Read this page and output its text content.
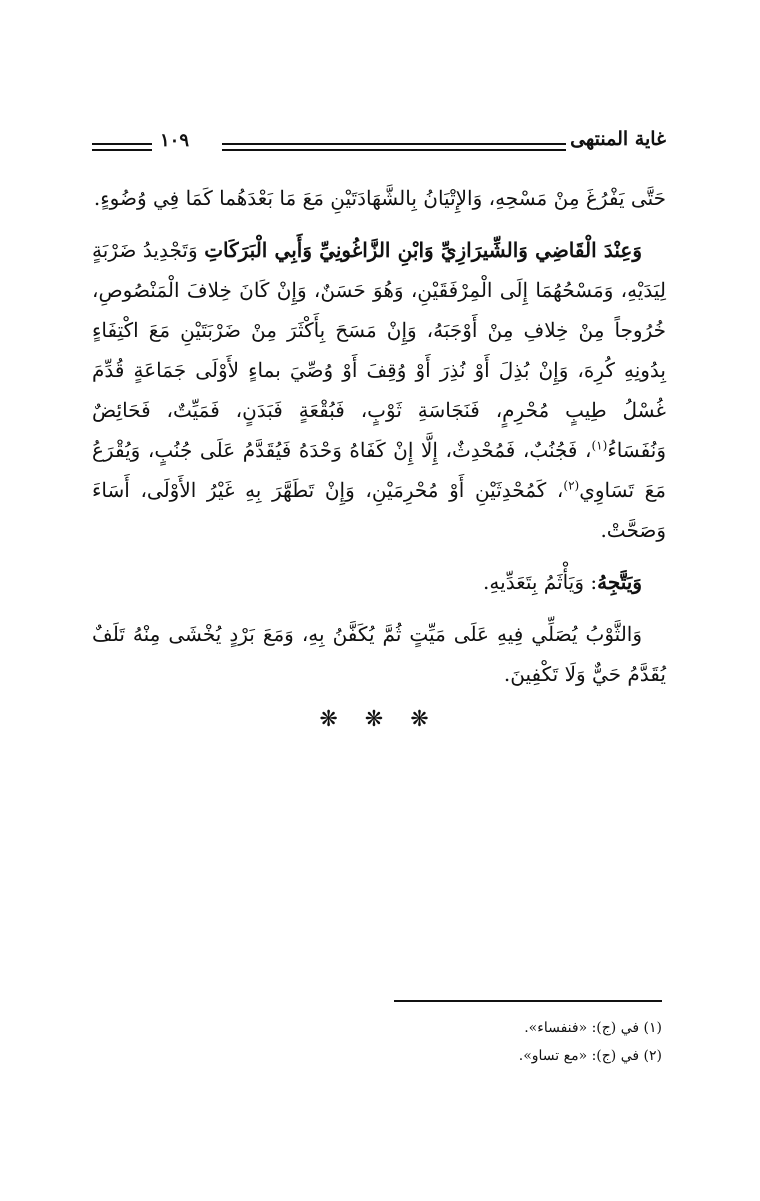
غاية المنتهى
١٠٩

حَتَّى يَفْرُغَ مِنْ مَسْحِهِ، وَالإِتْيَانُ بِالشَّهَادَتَيْنِ مَعَ مَا بَعْدَهُما كَمَا فِي وُضُوءٍ.

وَعِنْدَ الْقَاضِي وَالشِّيرَازِيِّ وَابْنِ الزَّاغُونِيِّ وَأَبِي الْبَرَكَاتِ وَتَجْدِيدُ ضَرْبَةٍ لِيَدَيْهِ، وَمَسْحُهُمَا إِلَى الْمِرْفَقَيْنِ، وَهُوَ حَسَنٌ، وَإِنْ كَانَ خِلافَ الْمَنْصُوصِ، خُرُوجاً مِنْ خِلافِ مِنْ أَوْجَبَهُ، وَإِنْ مَسَحَ بِأَكْثَرَ مِنْ ضَرْبَتَيْنِ مَعَ اكْتِفَاءٍ بِدُونِهِ كُرِهَ، وَإِنْ بُذِلَ أَوْ نُذِرَ أَوْ وُقِفَ أَوْ وُصِّيَ بماءٍ لأَوْلَى جَمَاعَةٍ قُدِّمَ غُسْلُ طِيبٍ مُحْرِمٍ، فَنَجَاسَةِ ثَوْبٍ، فَبُقْعَةٍ فَبَدَنٍ، فَمَيِّتٌ، فَحَائِضٌ وَنُفَسَاءُ$^{(١)}$، فَجُنُبٌ، فَمُحْدِثٌ، إِلَّا إِنْ كَفَاهُ وَحْدَهُ فَيُقَدَّمُ عَلَى جُنُبٍ، وَيُقْرَعُ مَعَ تَسَاوِي$^{(٢)}$، كَمُحْدِثَيْنِ أَوْ مُحْرِمَيْنِ، وَإِنْ تَطَهَّرَ بِهِ غَيْرُ الأَوْلَى، أَسَاءَ وَصَحَّتْ.

وَيَتَّجِهُ: وَيَأْثَمُ بِتَعَدِّيهِ.

وَالثَّوْبُ يُصَلِّي فِيهِ عَلَى مَيِّتٍ ثُمَّ يُكَفَّنُ بِهِ، وَمَعَ بَرْدٍ يُخْشَى مِنْهُ تَلَفٌ يُقَدَّمُ حَيٌّ وَلَا تَكْفِينَ.

❋ ❋ ❋

(١) في (ج): «فنفساء».

(٢) في (ج): «مع تساو».
